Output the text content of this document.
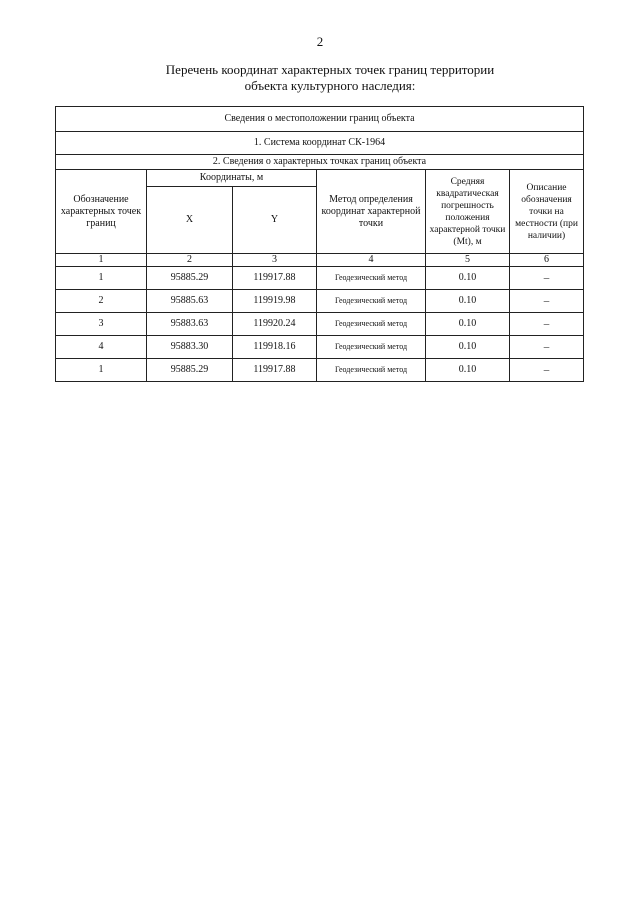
2
Перечень координат характерных точек границ территории
объекта культурного наследия:
Сведения о местоположении границ объекта					
1. Система координат СК-1964					
2. Сведения о характерных точках границ объекта					
Обозначение характерных точек границ	Координаты, м		Метод определения координат характерной точки	Средняя квадратическая погрешность положения характерной точки (Мt), м	Описание обозначения точки на местности (при наличии)
	X	Y			
1	2	3	4	5	6
1	95885.29	119917.88	Геодезический метод	0.10	–
2	95885.63	119919.98	Геодезический метод	0.10	–
3	95883.63	119920.24	Геодезический метод	0.10	–
4	95883.30	119918.16	Геодезический метод	0.10	–
1	95885.29	119917.88	Геодезический метод	0.10	–
